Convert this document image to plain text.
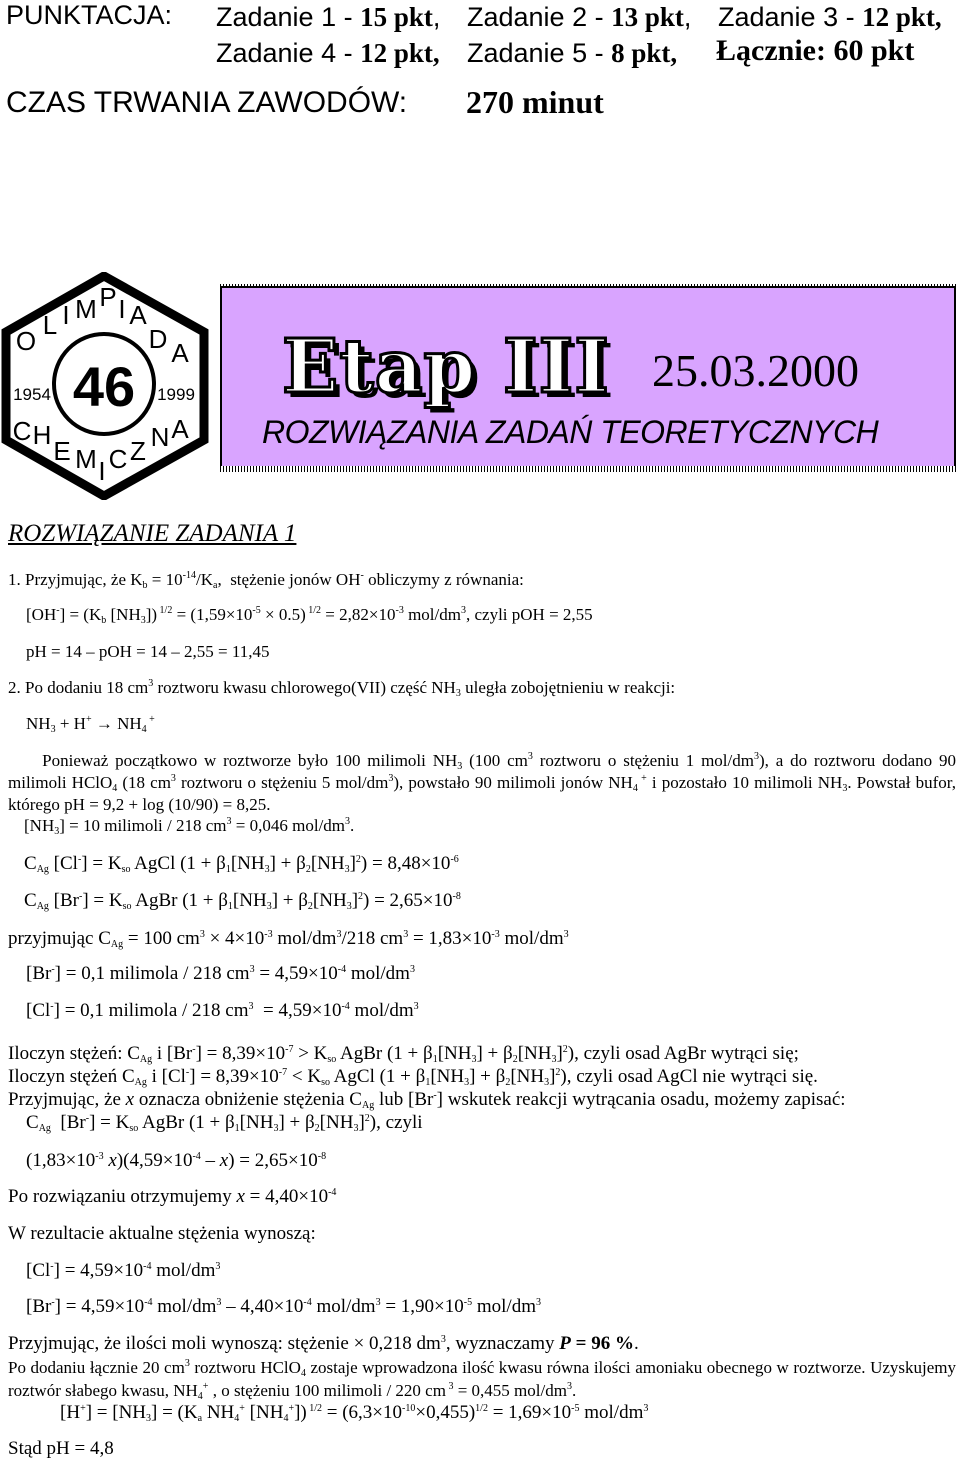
PUNKTACJA: Zadanie 1 - 15 pkt, Zadanie 2 - 13 pkt, Zadanie 3 - 12 pkt,
Zadanie 4 - 12 pkt, Zadanie 5 - 8 pkt, Łącznie: 60 pkt
CZAS TRWANIA ZAWODÓW: 270 minut
O
L I M P I A
D A
C H
E M I C Z N A
1954	1999
46 Etap III 25.03.2000
ROZWIĄZANIA ZADAŃ TEORETYCZNYCH
ROZWIĄZANIE ZADANIA 1
1. Przyjmując, że $K_b = 10^{-14}/K_a$,  stężenie jonów OH- obliczymy z równania:
$[OH^-] = (K_b$ $[NH_3]$) $^{1/2} = (1,59\times 10^{-5} \times 0.5) ^{1/2} = 2,82\times 10^{-3}$ mol/$dm^3$, czyli pOH = 2,55
pH = 14 – pOH = 14 – 2,55 = 11,45
2. Po dodaniu 18 $cm^3$ roztworu kwasu chlorowego(VII) część $NH_3$ uległa zobojętnieniu w reakcji:
$NH_3 + H^+ \to NH_4$ +
Ponieważ początkowo w roztworze było 100 milimoli $NH_3$ (100 $cm^3$ roztworu o stężeniu 1 mol/$dm^3$), a do roztworu dodano 90 milimoli HClO$_4$ (18 $cm^3$ roztworu o stężeniu 5 mol/$dm^3$), powstało 90 milimoli jonów $NH_4$ + i pozostało 10 milimoli $NH_3$. Powstał bufor, którego pH = 9,2 + log (10/90) = 8,25.
$[NH_3] = 10$ milimoli / 218 $cm^3 = 0,046$ mol/$dm^3$.
$C_{Ag}$ $[Cl^-] = K_{so}$ AgCl $(1 + \beta_1[NH_3] + \beta_2[NH_3]^2) = 8,48\times 10^{-6}$
$C_{Ag}$ $[Br^-] = K_{so}$ AgBr $(1 + \beta_1[NH_3] + \beta_2[NH_3]^2) = 2,65\times 10^{-8}$
przyjmując $C_{Ag} = 100$ $cm^3 \times 4\times 10^{-3}$ mol/$dm^3/218$ $cm^3 = 1,83\times 10^{-3}$ mol/$dm^3$
[Br-] = 0,1 milimola / 218 $cm^3 = 4,59\times 10^{-4}$ mol/$dm^3$
[Cl-] = 0,1 milimola / 218 $cm^3 = 4,59\times 10^{-4}$ mol/$dm^3$
Iloczyn stężeń: $C_{Ag}$ i $[Br^-] = 8,39\times 10^{-7} > K_{so}$ AgBr $(1 + \beta_1[NH_3] + \beta_2[NH_3]^2)$, czyli osad AgBr wytrąci się;
Iloczyn stężeń $C_{Ag}$ i $[Cl^-] = 8,39\times 10^{-7} < K_{so}$ AgCl $(1 + \beta_1[NH_3] + \beta_2[NH_3]^2)$, czyli osad AgCl nie wytrąci się.
Przyjmując, że x oznacza obniżenie stężenia $C_{Ag}$ lub [Br-] wskutek reakcji wytrącania osadu, możemy zapisać:
$C_{Ag}$  $[Br^-] = K_{so}$ AgBr $(1 + \beta_1[NH_3] + \beta_2[NH_3]^2)$, czyli
($1,83\times 10^{-3}$ $x)(4,59\times 10^{-4} - x) = 2,65\times 10^{-8}$
Po rozwiązaniu otrzymujemy $x = 4,40\times 10^{-4}$
W rezultacie aktualne stężenia wynoszą:
$[Cl^-] = 4,59\times 10^{-4}$ mol/$dm^3$
$[Br^-] = 4,59\times 10^{-4}$ mol/$dm^3 - 4,40\times 10^{-4}$ mol/$dm^3 = 1,90\times 10^{-5}$ mol/$dm^3$
Przyjmując, że ilości moli wynoszą: stężenie × 0,218 $dm^3$, wyznaczamy P = 96 %.
Po dodaniu łącznie 20 $cm^3$ roztworu HClO$_4$ zostaje wprowadzona ilość kwasu równa ilości amoniaku obecnego w roztworze. Uzyskujemy roztwór słabego kwasu, $NH_4^+$ , o stężeniu 100 milimoli / 220 cm $^3$ = 0,455 mol/$dm^3$.
$[H^+] = [NH_3] = (K_a$ $NH_4^+$ $[NH_4^+]$) $^{1/2} = (6,3\times 10^{-10}\times 0,455)^{1/2} = 1,69\times 10^{-5}$ mol/$dm^3$
Stąd pH = 4,8
